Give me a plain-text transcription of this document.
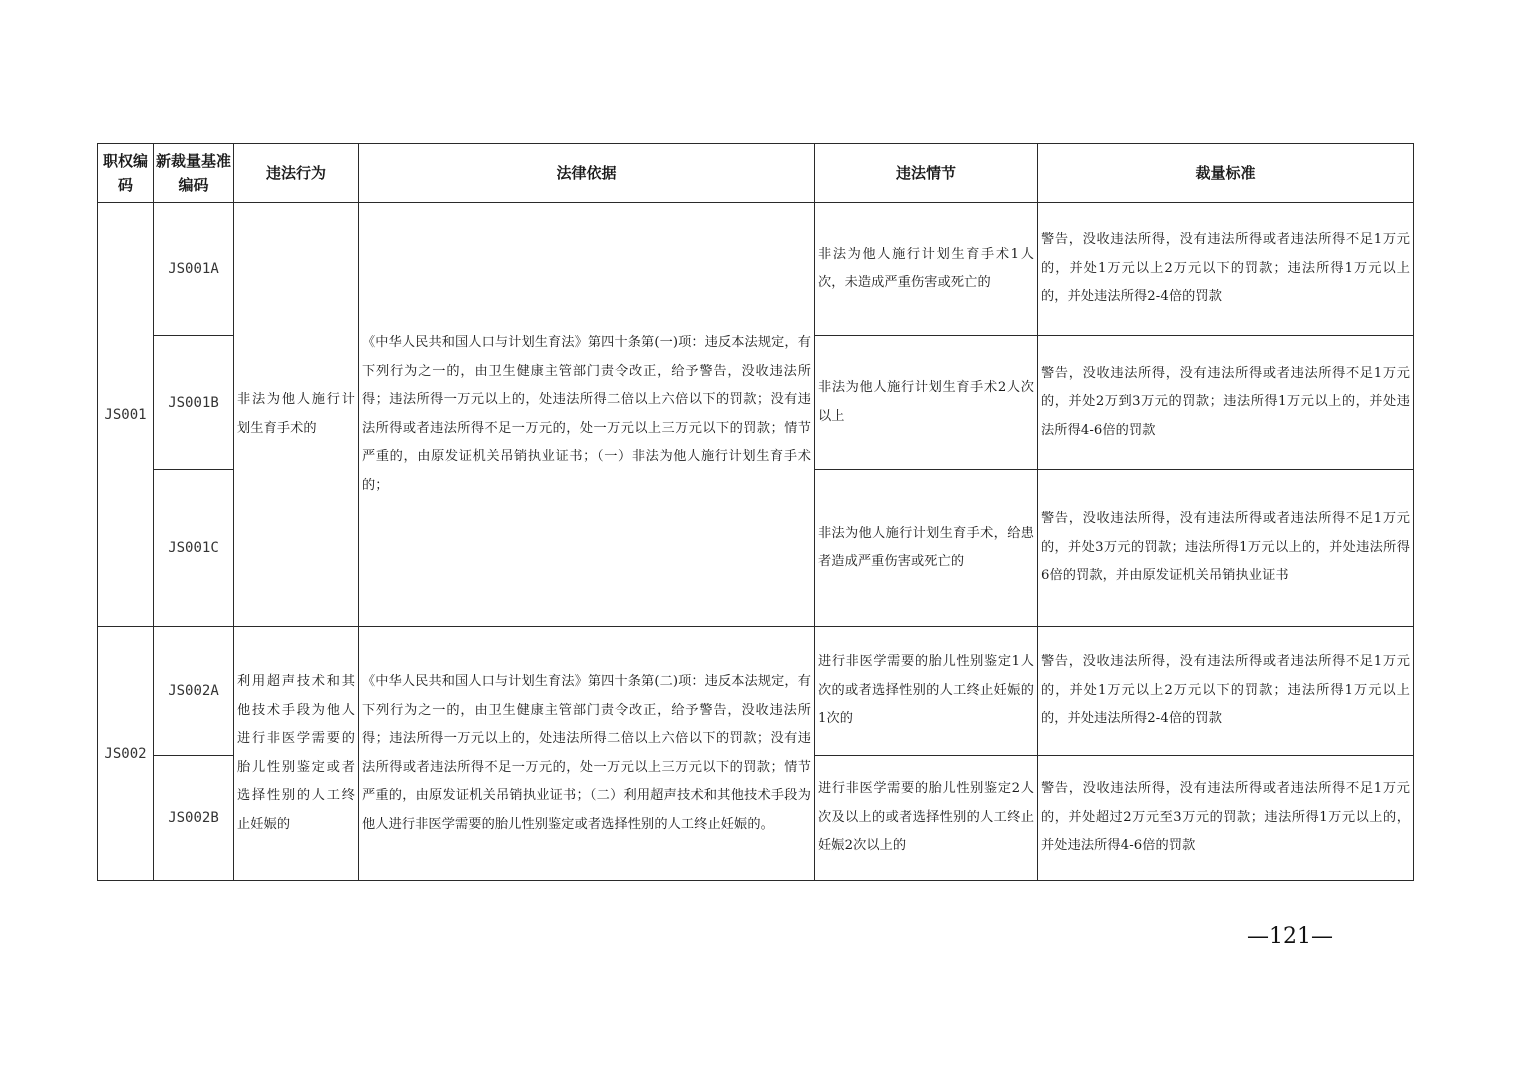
职权编码	新裁量基准编码	违法行为	法律依据	违法情节	裁量标准
JS001	JS001A	非法为他人施行计划生育手术的	《中华人民共和国人口与计划生育法》第四十条第(一)项：违反本法规定，有下列行为之一的，由卫生健康主管部门责令改正，给予警告，没收违法所得；违法所得一万元以上的，处违法所得二倍以上六倍以下的罚款；没有违法所得或者违法所得不足一万元的，处一万元以上三万元以下的罚款；情节严重的，由原发证机关吊销执业证书；（一）非法为他人施行计划生育手术的；	非法为他人施行计划生育手术1人次，未造成严重伤害或死亡的	警告，没收违法所得，没有违法所得或者违法所得不足1万元的，并处1万元以上2万元以下的罚款；违法所得1万元以上的，并处违法所得2-4倍的罚款
	JS001B			非法为他人施行计划生育手术2人次以上	警告，没收违法所得，没有违法所得或者违法所得不足1万元的，并处2万到3万元的罚款；违法所得1万元以上的，并处违法所得4-6倍的罚款
	JS001C			非法为他人施行计划生育手术，给患者造成严重伤害或死亡的	警告，没收违法所得，没有违法所得或者违法所得不足1万元的，并处3万元的罚款；违法所得1万元以上的，并处违法所得6倍的罚款，并由原发证机关吊销执业证书
JS002	JS002A	利用超声技术和其他技术手段为他人进行非医学需要的胎儿性别鉴定或者选择性别的人工终止妊娠的	《中华人民共和国人口与计划生育法》第四十条第(二)项：违反本法规定，有下列行为之一的，由卫生健康主管部门责令改正，给予警告，没收违法所得；违法所得一万元以上的，处违法所得二倍以上六倍以下的罚款；没有违法所得或者违法所得不足一万元的，处一万元以上三万元以下的罚款；情节严重的，由原发证机关吊销执业证书；（二）利用超声技术和其他技术手段为他人进行非医学需要的胎儿性别鉴定或者选择性别的人工终止妊娠的。	进行非医学需要的胎儿性别鉴定1人次的或者选择性别的人工终止妊娠的1次的	警告，没收违法所得，没有违法所得或者违法所得不足1万元的，并处1万元以上2万元以下的罚款；违法所得1万元以上的，并处违法所得2-4倍的罚款
	JS002B			进行非医学需要的胎儿性别鉴定2人次及以上的或者选择性别的人工终止妊娠2次以上的	警告，没收违法所得，没有违法所得或者违法所得不足1万元的，并处超过2万元至3万元的罚款；违法所得1万元以上的，并处违法所得4-6倍的罚款
—121—
